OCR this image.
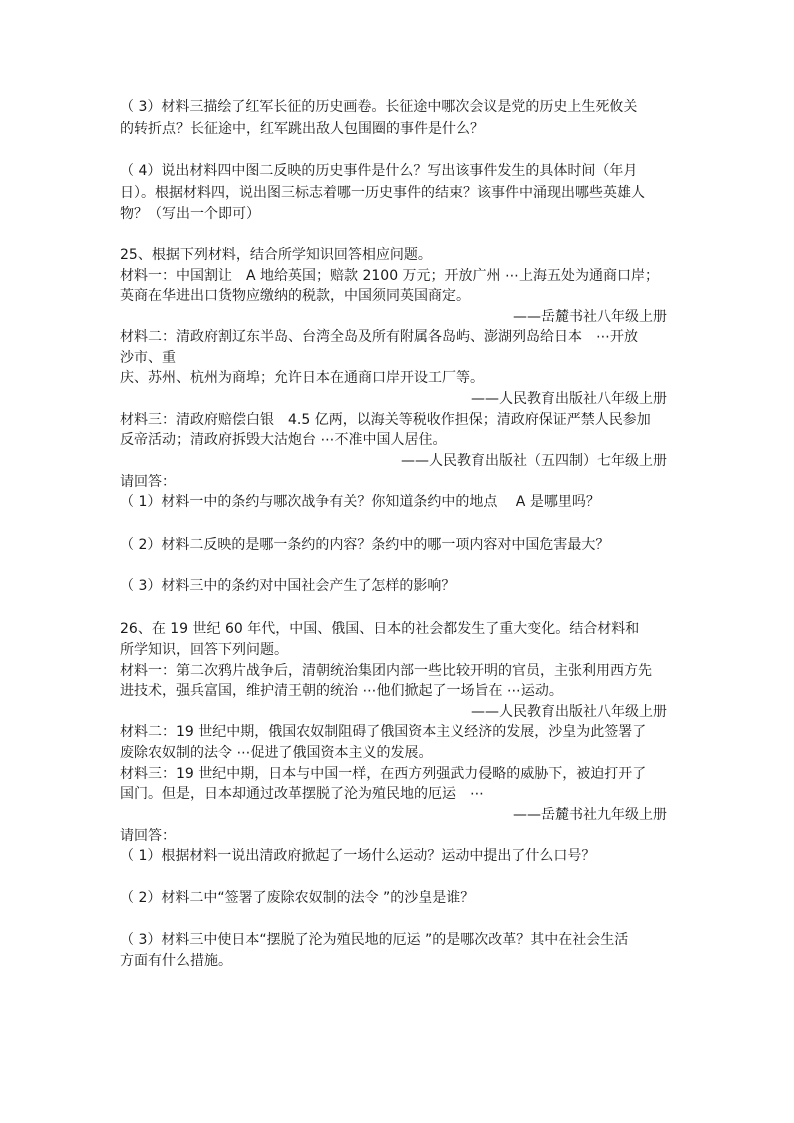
（ 3）材料三描绘了红军长征的历史画卷。长征途中哪次会议是党的历史上生死攸关
的转折点？长征途中，红军跳出敌人包围圈的事件是什么？
（ 4）说出材料四中图二反映的历史事件是什么？写出该事件发生的具体时间（年月
日）。根据材料四，说出图三标志着哪一历史事件的结束？该事件中涌现出哪些英雄人
物？（写出一个即可）
25、根据下列材料，结合所学知识回答相应问题。
材料一：中国割让　A 地给英国；赔款 2100 万元；开放广州 ⋯上海五处为通商口岸；
英商在华进出口货物应缴纳的税款，中国须同英国商定。
——岳麓书社八年级上册
材料二：清政府割辽东半岛、台湾全岛及所有附属各岛屿、澎湖列岛给日本　⋯开放
沙市、重
庆、苏州、杭州为商埠；允许日本在通商口岸开设工厂等。
——人民教育出版社八年级上册
材料三：清政府赔偿白银　4.5 亿两，以海关等税收作担保；清政府保证严禁人民参加
反帝活动；清政府拆毁大沽炮台 ⋯不准中国人居住。
——人民教育出版社（五四制）七年级上册
请回答：
（ 1）材料一中的条约与哪次战争有关？你知道条约中的地点　 A 是哪里吗？
（ 2）材料二反映的是哪一条约的内容？条约中的哪一项内容对中国危害最大？
（ 3）材料三中的条约对中国社会产生了怎样的影响？
26、在 19 世纪 60 年代，中国、俄国、日本的社会都发生了重大变化。结合材料和
所学知识，回答下列问题。
材料一：第二次鸦片战争后，清朝统治集团内部一些比较开明的官员，主张利用西方先
进技术，强兵富国，维护清王朝的统治 ⋯他们掀起了一场旨在 ⋯运动。
——人民教育出版社八年级上册
材料二：19 世纪中期，俄国农奴制阻碍了俄国资本主义经济的发展，沙皇为此签署了
废除农奴制的法令 ⋯促进了俄国资本主义的发展。
材料三：19 世纪中期，日本与中国一样，在西方列强武力侵略的威胁下，被迫打开了
国门。但是，日本却通过改革摆脱了沦为殖民地的厄运　⋯
——岳麓书社九年级上册
请回答：
（ 1）根据材料一说出清政府掀起了一场什么运动？运动中提出了什么口号？
（ 2）材料二中“签署了废除农奴制的法令 ”的沙皇是谁？
（ 3）材料三中使日本“摆脱了沦为殖民地的厄运 ”的是哪次改革？其中在社会生活
方面有什么措施。
